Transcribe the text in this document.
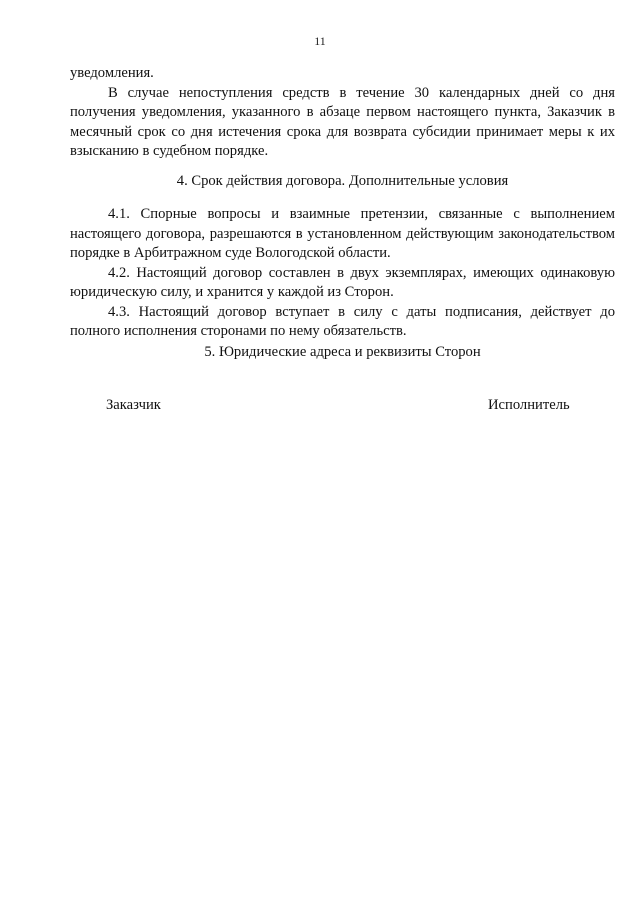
11

уведомления.

В случае непоступления средств в течение 30 календарных дней со дня получения уведомления, указанного в абзаце первом настоящего пункта, Заказчик в месячный срок со дня истечения срока для возврата субсидии принимает меры к их взысканию в судебном порядке.

4. Срок действия договора. Дополнительные условия

4.1. Спорные вопросы и взаимные претензии, связанные с выполнением настоящего договора, разрешаются в установленном действующим законодательством порядке в Арбитражном суде Вологодской области.

4.2. Настоящий договор составлен в двух экземплярах, имеющих одинаковую юридическую силу, и хранится у каждой из Сторон.

4.3. Настоящий договор вступает в силу с даты подписания, действует до полного исполнения сторонами по нему обязательств.

5. Юридические адреса и реквизиты Сторон
Заказчик	Исполнитель
